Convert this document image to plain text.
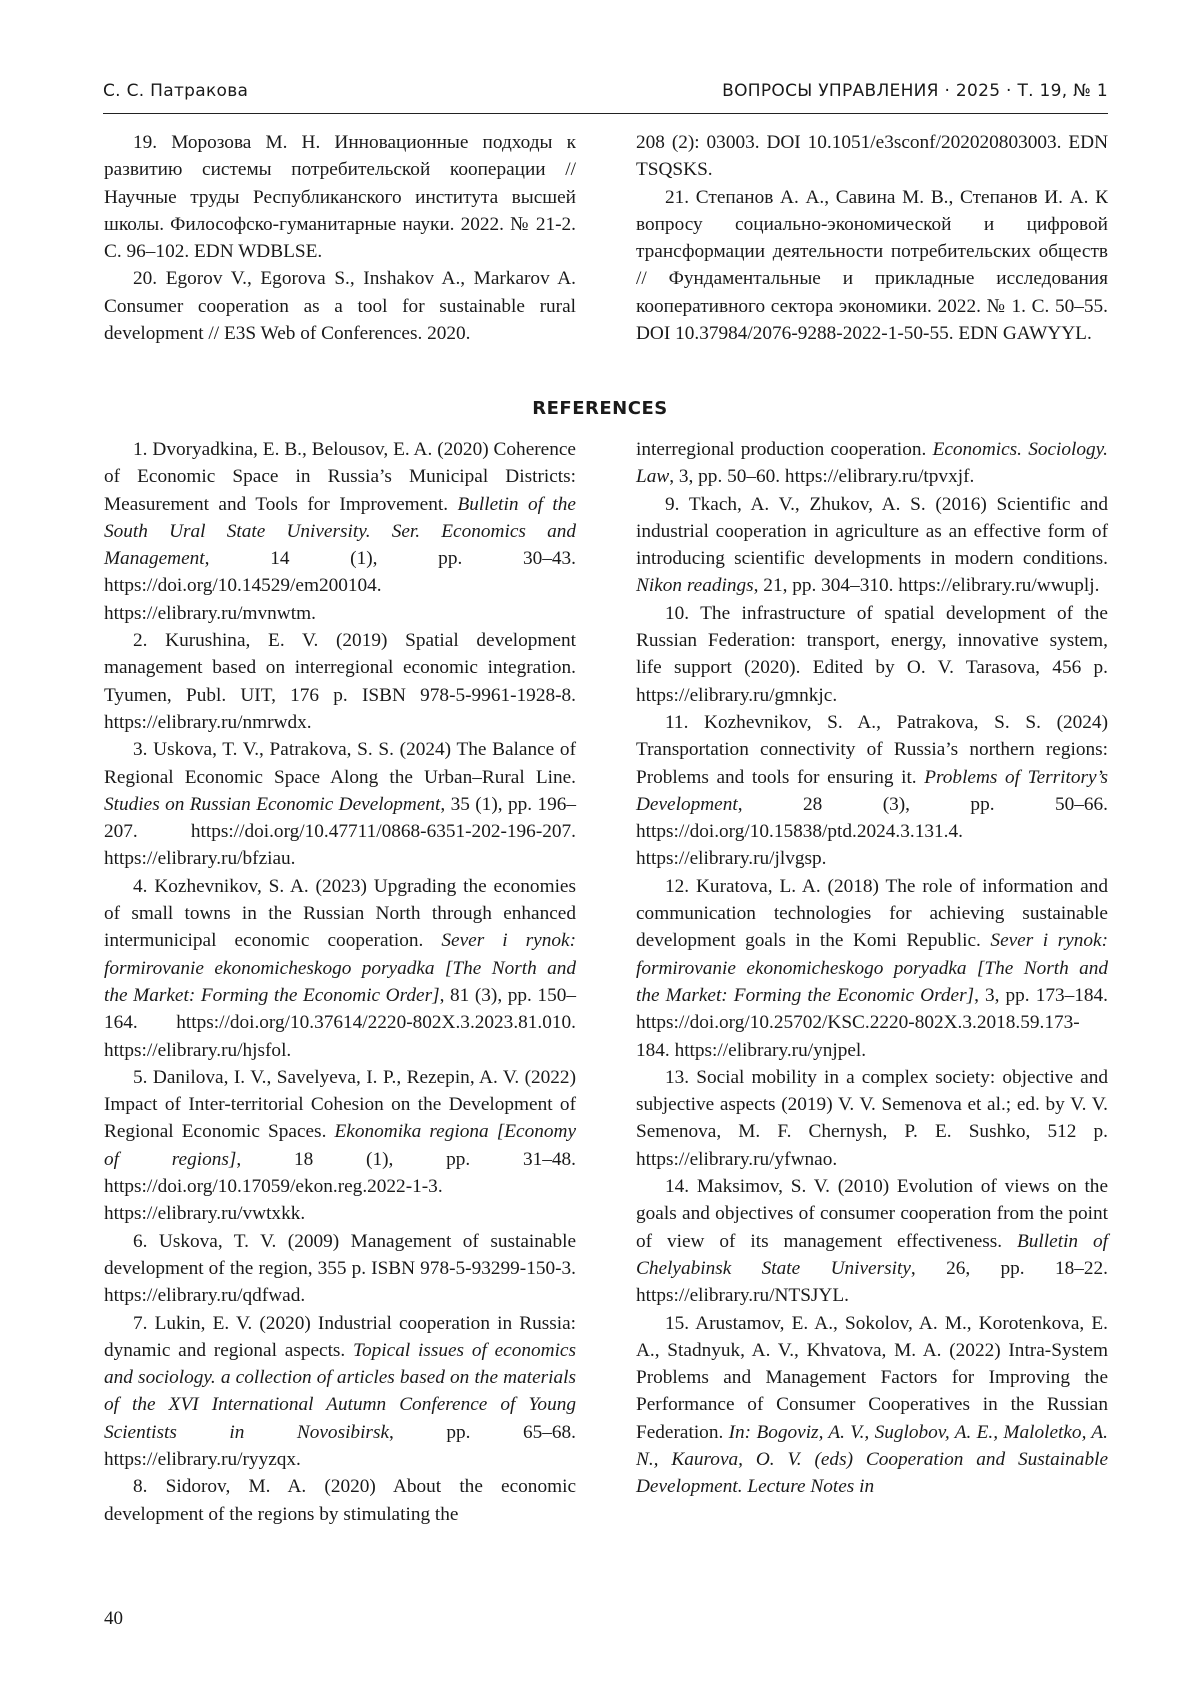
С. С. Патракова	ВОПРОСЫ УПРАВЛЕНИЯ · 2025 · Т. 19, № 1

19. Морозова М. Н. Инновационные подходы к развитию системы потребительской кооперации // Научные труды Республиканского института высшей школы. Философско-гуманитарные науки. 2022. № 21-2. С. 96–102. EDN WDBLSE.

20. Egorov V., Egorova S., Inshakov A., Markarov A. Consumer cooperation as a tool for sustainable rural development // E3S Web of Conferences. 2020.

208 (2): 03003. DOI 10.1051/e3sconf/202020803003. EDN TSQSKS.

21. Степанов А. А., Савина М. В., Степанов И. А. К вопросу социально-экономической и цифровой трансформации деятельности потребительских обществ // Фундаментальные и прикладные исследования кооперативного сектора экономики. 2022. № 1. С. 50–55. DOI 10.37984/2076-9288-2022-1-50-55. EDN GAWYYL.

REFERENCES

1. Dvoryadkina, E. B., Belousov, E. A. (2020) Coherence of Economic Space in Russia’s Municipal Districts: Measurement and Tools for Improvement. Bulletin of the South Ural State University. Ser. Economics and Management, 14 (1), pp. 30–43. https://doi.org/10.14529/em200104. https://elibrary.ru/mvnwtm.

2. Kurushina, E. V. (2019) Spatial development management based on interregional economic integration. Tyumen, Publ. UIT, 176 p. ISBN 978-5-9961-1928-8. https://elibrary.ru/nmrwdx.

3. Uskova, T. V., Patrakova, S. S. (2024) The Balance of Regional Economic Space Along the Urban–Rural Line. Studies on Russian Economic Development, 35 (1), pp. 196–207. https://doi.org/10.47711/0868-6351-202-196-207. https://elibrary.ru/bfziau.

4. Kozhevnikov, S. A. (2023) Upgrading the economies of small towns in the Russian North through enhanced intermunicipal economic cooperation. Sever i rynok: formirovanie ekonomicheskogo poryadka [The North and the Market: Forming the Economic Order], 81 (3), pp. 150–164. https://doi.org/10.37614/2220-802X.3.2023.81.010. https://elibrary.ru/hjsfol.

5. Danilova, I. V., Savelyeva, I. P., Rezepin, A. V. (2022) Impact of Inter-territorial Cohesion on the Development of Regional Economic Spaces. Ekonomika regiona [Economy of regions], 18 (1), pp. 31–48. https://doi.org/10.17059/ekon.reg.2022-1-3. https://elibrary.ru/vwtxkk.

6. Uskova, T. V. (2009) Management of sustainable development of the region, 355 p. ISBN 978-5-93299-150-3. https://elibrary.ru/qdfwad.

7. Lukin, E. V. (2020) Industrial cooperation in Russia: dynamic and regional aspects. Topical issues of economics and sociology. a collection of articles based on the materials of the XVI International Autumn Conference of Young Scientists in Novosibirsk, pp. 65–68. https://elibrary.ru/ryyzqx.

8. Sidorov, M. A. (2020) About the economic development of the regions by stimulating the

interregional production cooperation. Economics. Sociology. Law, 3, pp. 50–60. https://elibrary.ru/tpvxjf.

9. Tkach, A. V., Zhukov, A. S. (2016) Scientific and industrial cooperation in agriculture as an effective form of introducing scientific developments in modern conditions. Nikon readings, 21, pp. 304–310. https://elibrary.ru/wwuplj.

10. The infrastructure of spatial development of the Russian Federation: transport, energy, innovative system, life support (2020). Edited by O. V. Tarasova, 456 p. https://elibrary.ru/gmnkjc.

11. Kozhevnikov, S. A., Patrakova, S. S. (2024) Transportation connectivity of Russia’s northern regions: Problems and tools for ensuring it. Problems of Territory’s Development, 28 (3), pp. 50–66. https://doi.org/10.15838/ptd.2024.3.131.4. https://elibrary.ru/jlvgsp.

12. Kuratova, L. A. (2018) The role of information and communication technologies for achieving sustainable development goals in the Komi Republic. Sever i rynok: formirovanie ekonomicheskogo poryadka [The North and the Market: Forming the Economic Order], 3, pp. 173–184. https://doi.org/10.25702/KSC.2220-802X.3.2018.59.173-184. https://elibrary.ru/ynjpel.

13. Social mobility in a complex society: objective and subjective aspects (2019) V. V. Semenova et al.; ed. by V. V. Semenova, M. F. Chernysh, P. E. Sushko, 512 p. https://elibrary.ru/yfwnao.

14. Maksimov, S. V. (2010) Evolution of views on the goals and objectives of consumer cooperation from the point of view of its management effectiveness. Bulletin of Chelyabinsk State University, 26, pp. 18–22. https://elibrary.ru/NTSJYL.

15. Arustamov, E. A., Sokolov, A. M., Korotenkova, E. A., Stadnyuk, A. V., Khvatova, M. A. (2022) Intra-System Problems and Management Factors for Improving the Performance of Consumer Cooperatives in the Russian Federation. In: Bogoviz, A. V., Suglobov, A. E., Maloletko, A. N., Kaurova, O. V. (eds) Cooperation and Sustainable Development. Lecture Notes in

40
